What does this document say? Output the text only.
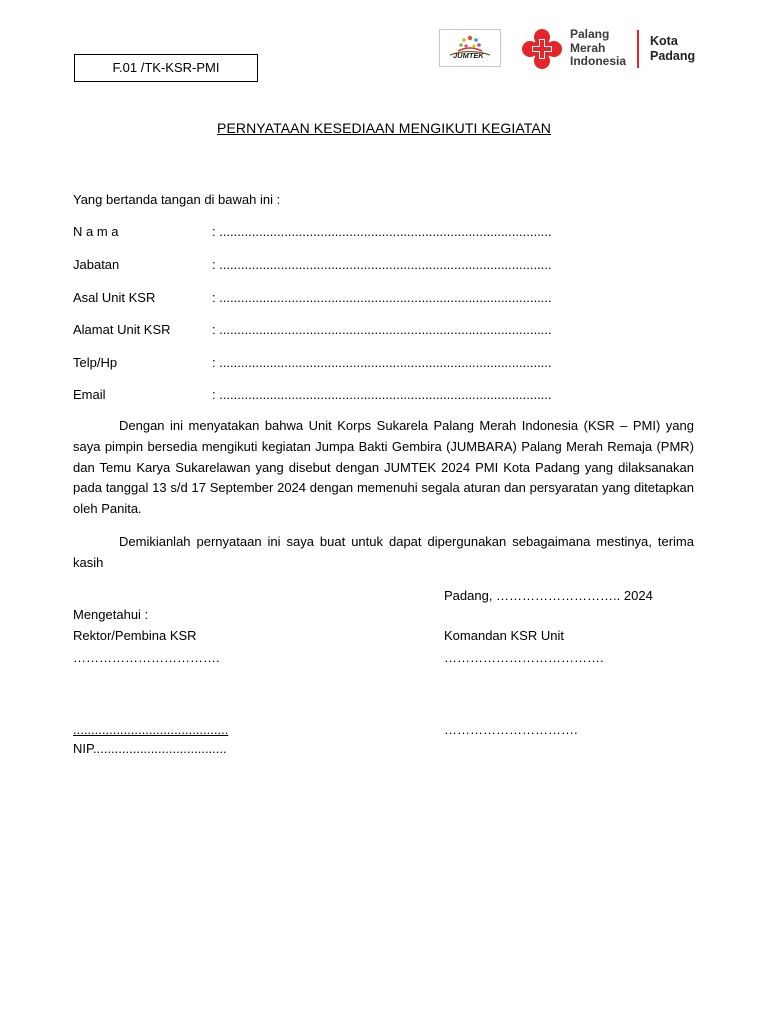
F.01 /TK-KSR-PMI
JUMTEK
Palang
Merah
Indonesia
Kota
Padang
PERNYATAAN KESEDIAAN MENGIKUTI KEGIATAN
Yang bertanda tangan di bawah ini :
N a m a	: ............................................................................................
Jabatan	: ............................................................................................
Asal Unit KSR	: ............................................................................................
Alamat Unit KSR	: ............................................................................................
Telp/Hp	: ............................................................................................
Email	: ............................................................................................
Dengan ini menyatakan bahwa Unit Korps Sukarela Palang Merah Indonesia (KSR – PMI) yang saya pimpin bersedia mengikuti kegiatan Jumpa Bakti Gembira (JUMBARA) Palang Merah Remaja (PMR) dan Temu Karya Sukarelawan yang disebut dengan JUMTEK 2024 PMI Kota Padang yang dilaksanakan pada tanggal 13 s/d 17 September 2024 dengan memenuhi segala aturan dan persyaratan yang ditetapkan oleh Panita.
Demikianlah pernyataan ini saya buat untuk dapat dipergunakan sebagaimana mestinya, terima kasih
Padang, ……………………….. 2024
Mengetahui :
Rektor/Pembina KSR	Komandan KSR Unit
…………………………….	……………………………….
...........................................	………………………….
NIP.....................................
